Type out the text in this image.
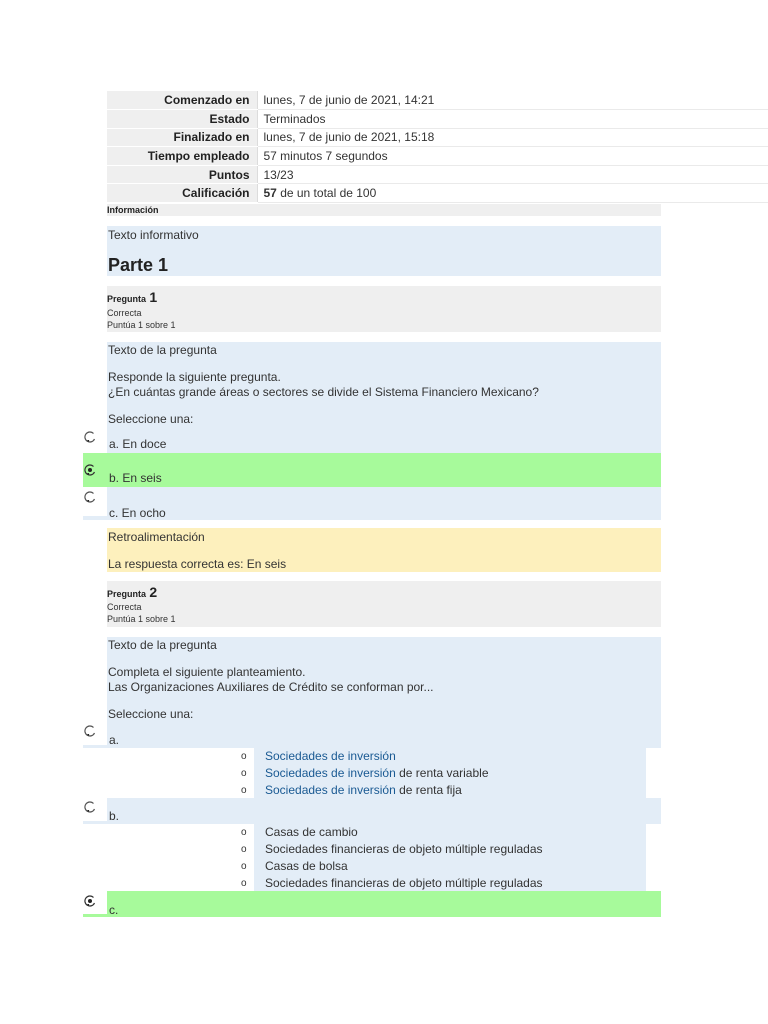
Comenzado en	lunes, 7 de junio de 2021, 14:21
Estado	Terminados
Finalizado en	lunes, 7 de junio de 2021, 15:18
Tiempo empleado	57 minutos 7 segundos
Puntos	13/23
Calificación	57 de un total de 100
Información
Texto informativo
Parte 1
Pregunta 1
Correcta
Puntúa 1 sobre 1
Texto de la pregunta
Responde la siguiente pregunta.
¿En cuántas grande áreas o sectores se divide el Sistema Financiero Mexicano?
Seleccione una:
a. En doce
b. En seis
c. En ocho
Retroalimentación
La respuesta correcta es: En seis
Pregunta 2
Correcta
Puntúa 1 sobre 1
Texto de la pregunta
Completa el siguiente planteamiento.
Las Organizaciones Auxiliares de Crédito se conforman por...
Seleccione una:
a.
o Sociedades de inversión
o Sociedades de inversión de renta variable
o Sociedades de inversión de renta fija
b.
o Casas de cambio
o Sociedades financieras de objeto múltiple reguladas
o Casas de bolsa
o Sociedades financieras de objeto múltiple reguladas
c.
